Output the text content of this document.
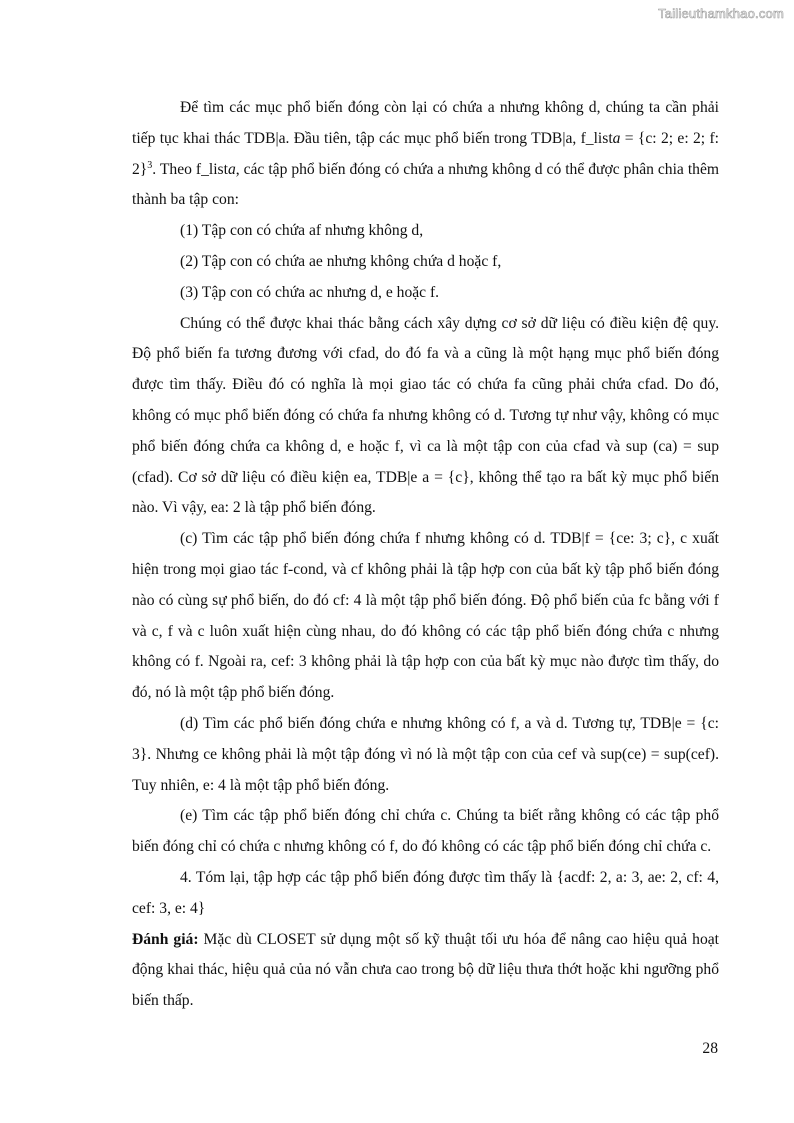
Tailieuthamkhao.com

Để tìm các mục phổ biến đóng còn lại có chứa a nhưng không d, chúng ta cần phải tiếp tục khai thác TDB|a. Đầu tiên, tập các mục phổ biến trong TDB|a, f_lista = {c: 2; e: 2; f: 2}$^3$. Theo f_lista, các tập phổ biến đóng có chứa a nhưng không d có thể được phân chia thêm thành ba tập con:

(1) Tập con có chứa af nhưng không d,

(2) Tập con có chứa ae nhưng không chứa d hoặc f,

(3) Tập con có chứa ac nhưng d, e hoặc f.

Chúng có thể được khai thác bằng cách xây dựng cơ sở dữ liệu có điều kiện đệ quy. Độ phổ biến fa tương đương với cfad, do đó fa và a cũng là một hạng mục phổ biến đóng được tìm thấy. Điều đó có nghĩa là mọi giao tác có chứa fa cũng phải chứa cfad. Do đó, không có mục phổ biến đóng có chứa fa nhưng không có d. Tương tự như vậy, không có mục phổ biến đóng chứa ca không d, e hoặc f, vì ca là một tập con của cfad và sup (ca) = sup (cfad). Cơ sở dữ liệu có điều kiện ea, TDB|e a = {c}, không thể tạo ra bất kỳ mục phổ biến nào. Vì vậy, ea: 2 là tập phổ biến đóng.

(c) Tìm các tập phổ biến đóng chứa f nhưng không có d. TDB|f = {ce: 3; c}, c xuất hiện trong mọi giao tác f-cond, và cf không phải là tập hợp con của bất kỳ tập phổ biến đóng nào có cùng sự phổ biến, do đó cf: 4 là một tập phổ biến đóng. Độ phổ biến của fc bằng với f và c, f và c luôn xuất hiện cùng nhau, do đó không có các tập phổ biến đóng chứa c nhưng không có f. Ngoài ra, cef: 3 không phải là tập hợp con của bất kỳ mục nào được tìm thấy, do đó, nó là một tập phổ biến đóng.

(d) Tìm các phổ biến đóng chứa e nhưng không có f, a và d. Tương tự, TDB|e = {c: 3}. Nhưng ce không phải là một tập đóng vì nó là một tập con của cef và sup(ce) = sup(cef). Tuy nhiên, e: 4 là một tập phổ biến đóng.

(e) Tìm các tập phổ biến đóng chỉ chứa c. Chúng ta biết rằng không có các tập phổ biến đóng chỉ có chứa c nhưng không có f, do đó không có các tập phổ biến đóng chỉ chứa c.

4. Tóm lại, tập hợp các tập phổ biến đóng được tìm thấy là {acdf: 2, a: 3, ae: 2, cf: 4, cef: 3, e: 4}

Đánh giá: Mặc dù CLOSET sử dụng một số kỹ thuật tối ưu hóa để nâng cao hiệu quả hoạt động khai thác, hiệu quả của nó vẫn chưa cao trong bộ dữ liệu thưa thớt hoặc khi ngưỡng phổ biến thấp.

28
